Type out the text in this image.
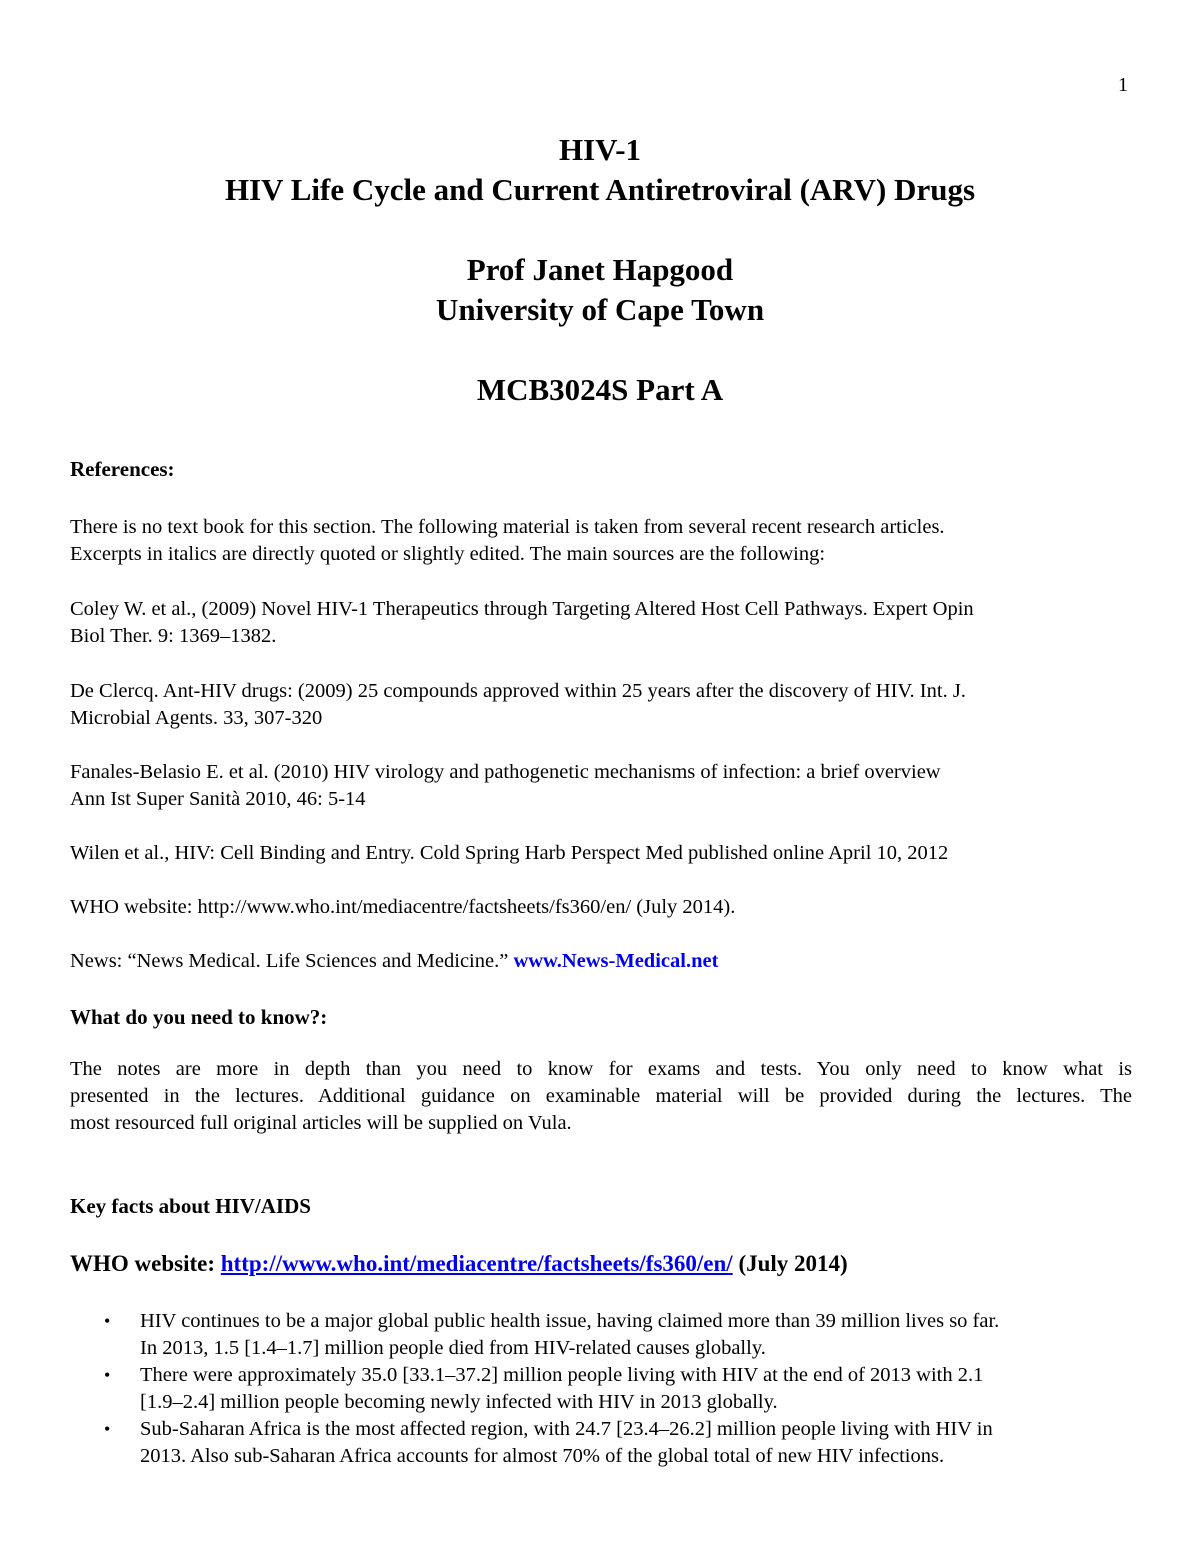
1
HIV-1
HIV Life Cycle and Current Antiretroviral (ARV) Drugs
Prof Janet Hapgood
University of Cape Town
MCB3024S Part A
References:
There is no text book for this section. The following material is taken from several recent research articles.
Excerpts in italics are directly quoted or slightly edited. The main sources are the following:
Coley W. et al., (2009) Novel HIV-1 Therapeutics through Targeting Altered Host Cell Pathways. Expert Opin
Biol Ther. 9: 1369–1382.
De Clercq. Ant-HIV drugs: (2009) 25 compounds approved within 25 years after the discovery of HIV. Int. J.
Microbial Agents. 33, 307-320
Fanales-Belasio E. et al. (2010) HIV virology and pathogenetic mechanisms of infection: a brief overview
Ann Ist Super Sanità 2010, 46: 5-14
Wilen et al., HIV: Cell Binding and Entry. Cold Spring Harb Perspect Med published online April 10, 2012
WHO website: http://www.who.int/mediacentre/factsheets/fs360/en/ (July 2014).
News: “News Medical. Life Sciences and Medicine.” www.News-Medical.net
What do you need to know?:
The notes are more in depth than you need to know for exams and tests. You only need to know what is
presented in the lectures. Additional guidance on examinable material will be provided during the lectures. The
most resourced full original articles will be supplied on Vula.
Key facts about HIV/AIDS
WHO website: http://www.who.int/mediacentre/factsheets/fs360/en/ (July 2014)
• HIV continues to be a major global public health issue, having claimed more than 39 million lives so far.
In 2013, 1.5 [1.4–1.7] million people died from HIV-related causes globally.
• There were approximately 35.0 [33.1–37.2] million people living with HIV at the end of 2013 with 2.1
[1.9–2.4] million people becoming newly infected with HIV in 2013 globally.
• Sub-Saharan Africa is the most affected region, with 24.7 [23.4–26.2] million people living with HIV in
2013. Also sub-Saharan Africa accounts for almost 70% of the global total of new HIV infections.
